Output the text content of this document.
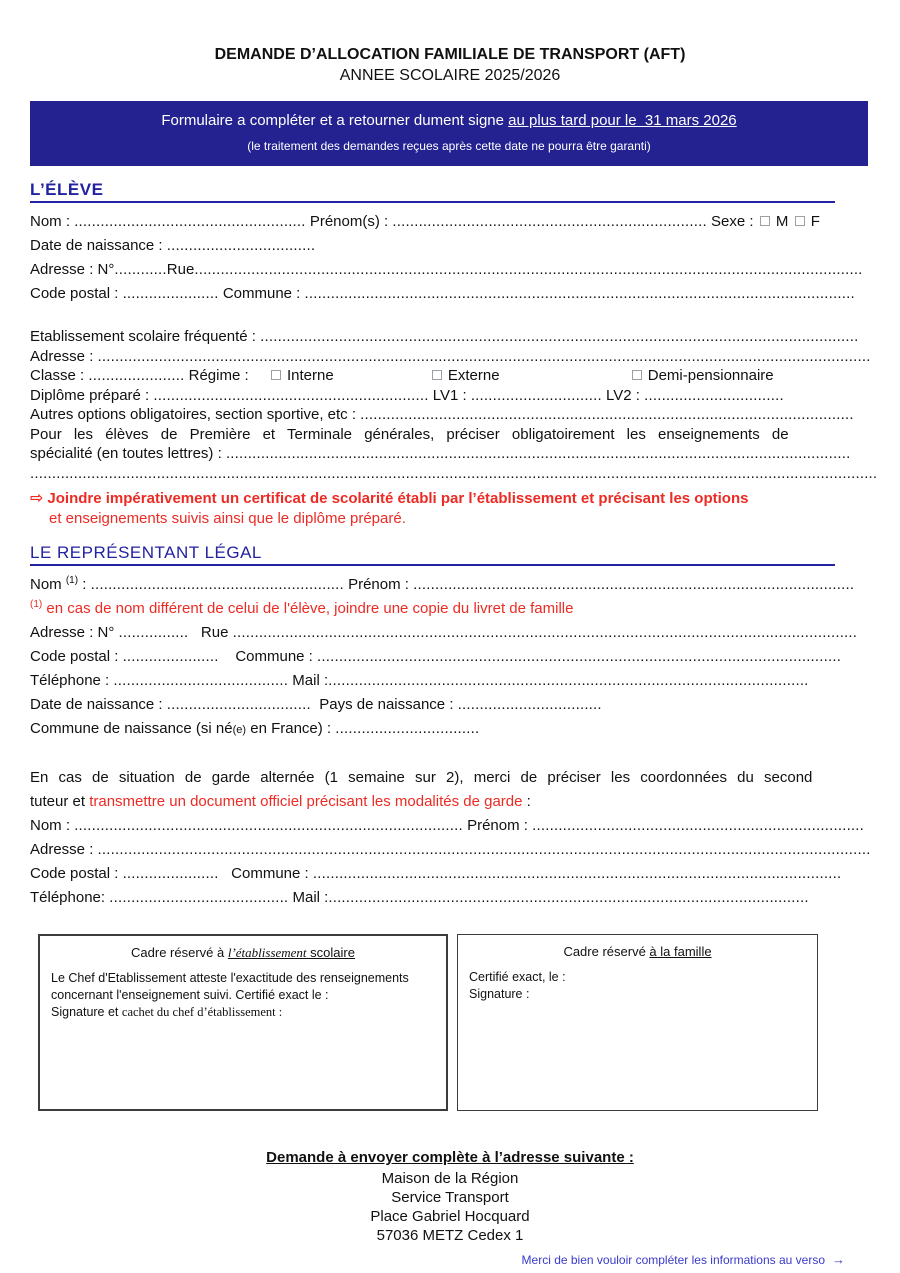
DEMANDE D’ALLOCATION FAMILIALE DE TRANSPORT (AFT)
ANNEE SCOLAIRE 2025/2026
Formulaire a compléter et a retourner dument signe au plus tard pour le  31 mars 2026
(le traitement des demandes reçues après cette date ne pourra être garanti)
L’ÉLÈVE
Nom : ..................................................... Prénom(s) : ........................................................................ Sexe :  M  F
Date de naissance : ..................................
Adresse : N°............Rue.........................................................................................................................................................
Code postal : ...................... Commune : ..............................................................................................................................
Etablissement scolaire fréquenté : .........................................................................................................................................
Adresse : .................................................................................................................................................................................
Classe : ...................... Régime :  Interne	Externe	Demi-pensionnaire
Diplôme préparé : ............................................................... LV1 : .............................. LV2 : ................................
Autres options obligatoires, section sportive, etc : .................................................................................................................
Pour les élèves de Première et Terminale générales, préciser obligatoirement les enseignements de
spécialité (en toutes lettres) : ...............................................................................................................................................
..................................................................................................................................................................................................
⇨ Joindre impérativement un certificat de scolarité établi par l’établissement et précisant les options
et enseignements suivis ainsi que le diplôme préparé.
LE REPRÉSENTANT LÉGAL
Nom $^{(1)}$ : .......................................................... Prénom : .....................................................................................................
$^{(1)}$ en cas de nom différent de celui de l'élève, joindre une copie du livret de famille
Adresse : N° ................   Rue ...............................................................................................................................................
Code postal : ......................    Commune : ........................................................................................................................
Téléphone : ........................................ Mail :..............................................................................................................
Date de naissance : .................................  Pays de naissance : .................................
Commune de naissance (si né(e) en France) : .................................
En cas de situation de garde alternée (1 semaine sur 2), merci de préciser les coordonnées du second
tuteur et transmettre un document officiel précisant les modalités de garde :
Nom : ......................................................................................... Prénom : ............................................................................
Adresse : .................................................................................................................................................................................
Code postal : ......................   Commune : .........................................................................................................................
Téléphone: ......................................... Mail :..............................................................................................................
Cadre réservé à l’établissement scolaire
Le Chef d'Etablissement atteste l'exactitude des renseignements
concernant l'enseignement suivi. Certifié exact le :
Signature et cachet du chef d’établissement :
Cadre réservé à la famille
Certifié exact, le :
Signature :
Demande à envoyer complète à l’adresse suivante :
Maison de la Région
Service Transport
Place Gabriel Hocquard
57036 METZ Cedex 1
Merci de bien vouloir compléter les informations au verso →
